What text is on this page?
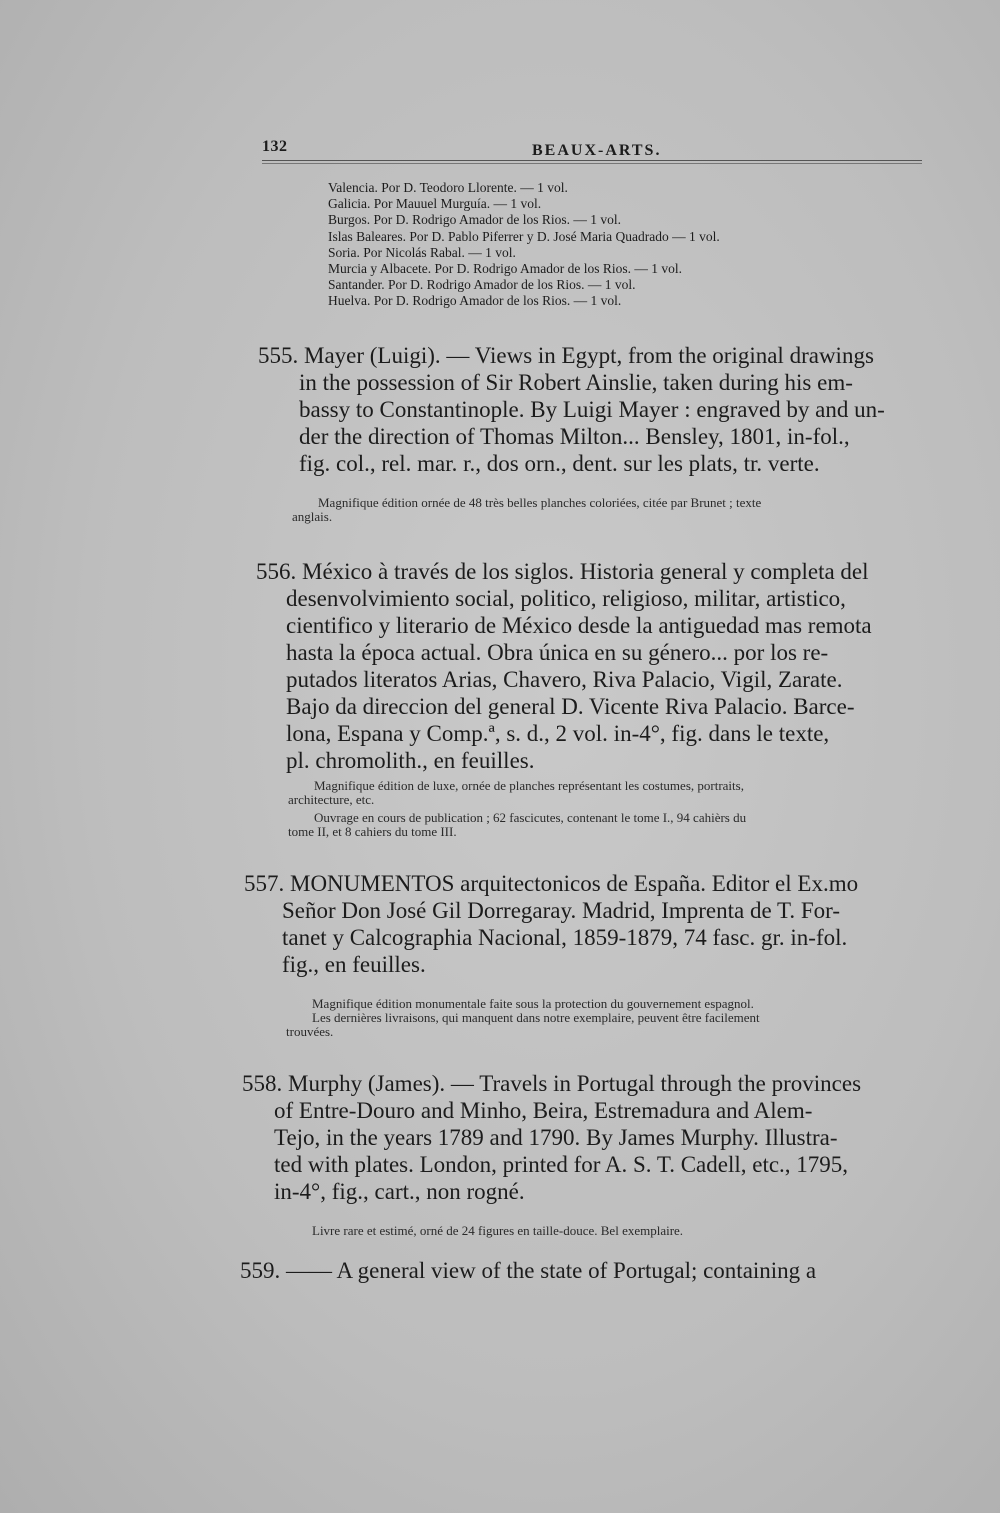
132	BEAUX-ARTS.
Valencia. Por D. Teodoro Llorente. — 1 vol.
Galicia. Por Mauuel Murguía. — 1 vol.
Burgos. Por D. Rodrigo Amador de los Rios. — 1 vol.
Islas Baleares. Por D. Pablo Piferrer y D. José Maria Quadrado — 1 vol.
Soria. Por Nicolás Rabal. — 1 vol.
Murcia y Albacete. Por D. Rodrigo Amador de los Rios. — 1 vol.
Santander. Por D. Rodrigo Amador de los Rios. — 1 vol.
Huelva. Por D. Rodrigo Amador de los Rios. — 1 vol.
555. Mayer (Luigi). — Views in Egypt, from the original drawings
in the possession of Sir Robert Ainslie, taken during his em-
bassy to Constantinople. By Luigi Mayer : engraved by and un-
der the direction of Thomas Milton... Bensley, 1801, in-fol.,
fig. col., rel. mar. r., dos orn., dent. sur les plats, tr. verte.
Magnifique édition ornée de 48 très belles planches coloriées, citée par Brunet ; texte
anglais.
556. México à través de los siglos. Historia general y completa del
desenvolvimiento social, politico, religioso, militar, artistico,
cientifico y literario de México desde la antiguedad mas remota
hasta la época actual. Obra única en su género... por los re-
putados literatos Arias, Chavero, Riva Palacio, Vigil, Zarate.
Bajo da direccion del general D. Vicente Riva Palacio. Barce-
lona, Espana y Comp.ª, s. d., 2 vol. in-4°, fig. dans le texte,
pl. chromolith., en feuilles.
Magnifique édition de luxe, ornée de planches représentant les costumes, portraits,
architecture, etc.
Ouvrage en cours de publication ; 62 fascicutes, contenant le tome I., 94 cahièrs du
tome II, et 8 cahiers du tome III.
557. MONUMENTOS arquitectonicos de España. Editor el Ex.mo
Señor Don José Gil Dorregaray. Madrid, Imprenta de T. For-
tanet y Calcographia Nacional, 1859-1879, 74 fasc. gr. in-fol.
fig., en feuilles.
Magnifique édition monumentale faite sous la protection du gouvernement espagnol.
Les dernières livraisons, qui manquent dans notre exemplaire, peuvent être facilement
trouvées.
558. Murphy (James). — Travels in Portugal through the provinces
of Entre-Douro and Minho, Beira, Estremadura and Alem-
Tejo, in the years 1789 and 1790. By James Murphy. Illustra-
ted with plates. London, printed for A. S. T. Cadell, etc., 1795,
in-4°, fig., cart., non rogné.
Livre rare et estimé, orné de 24 figures en taille-douce. Bel exemplaire.
559. —— A general view of the state of Portugal; containing a
